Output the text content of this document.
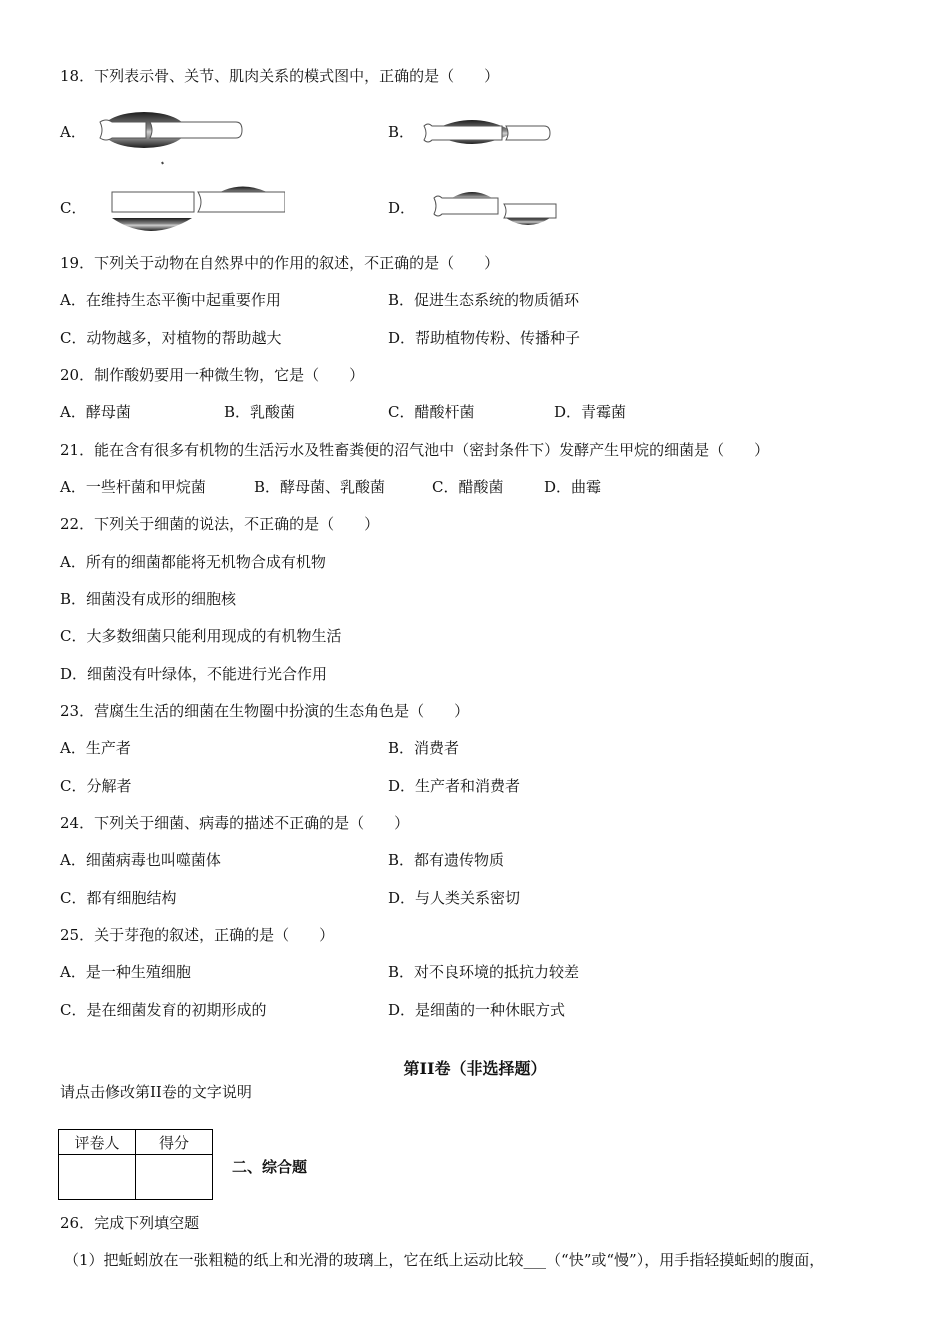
18．下列表示骨、关节、肌肉关系的模式图中，正确的是（　　）
A．	B．
C．	D．
19．下列关于动物在自然界中的作用的叙述，不正确的是（　　）
A．在维持生态平衡中起重要作用	B．促进生态系统的物质循环
C．动物越多，对植物的帮助越大	D．帮助植物传粉、传播种子
20．制作酸奶要用一种微生物，它是（　　）
A．酵母菌	B．乳酸菌	C．醋酸杆菌	D．青霉菌
21．能在含有很多有机物的生活污水及牲畜粪便的沼气池中（密封条件下）发酵产生甲烷的细菌是（　　）
A．一些杆菌和甲烷菌	B．酵母菌、乳酸菌	C．醋酸菌	D．曲霉
22．下列关于细菌的说法，不正确的是（　　）
A．所有的细菌都能将无机物合成有机物
B．细菌没有成形的细胞核
C．大多数细菌只能利用现成的有机物生活
D．细菌没有叶绿体，不能进行光合作用
23．营腐生生活的细菌在生物圈中扮演的生态角色是（　　）
A．生产者	B．消费者
C．分解者	D．生产者和消费者
24．下列关于细菌、病毒的描述不正确的是（　　）
A．细菌病毒也叫噬菌体	B．都有遗传物质
C．都有细胞结构	D．与人类关系密切
25．关于芽孢的叙述，正确的是（　　）
A．是一种生殖细胞	B．对不良环境的抵抗力较差
C．是在细菌发育的初期形成的	D．是细菌的一种休眠方式
第II卷（非选择题）
请点击修改第II卷的文字说明
评卷人	得分

二、综合题
26．完成下列填空题
（1）把蚯蚓放在一张粗糙的纸上和光滑的玻璃上，它在纸上运动比较___（“快”或“慢”），用手指轻摸蚯蚓的腹面，
